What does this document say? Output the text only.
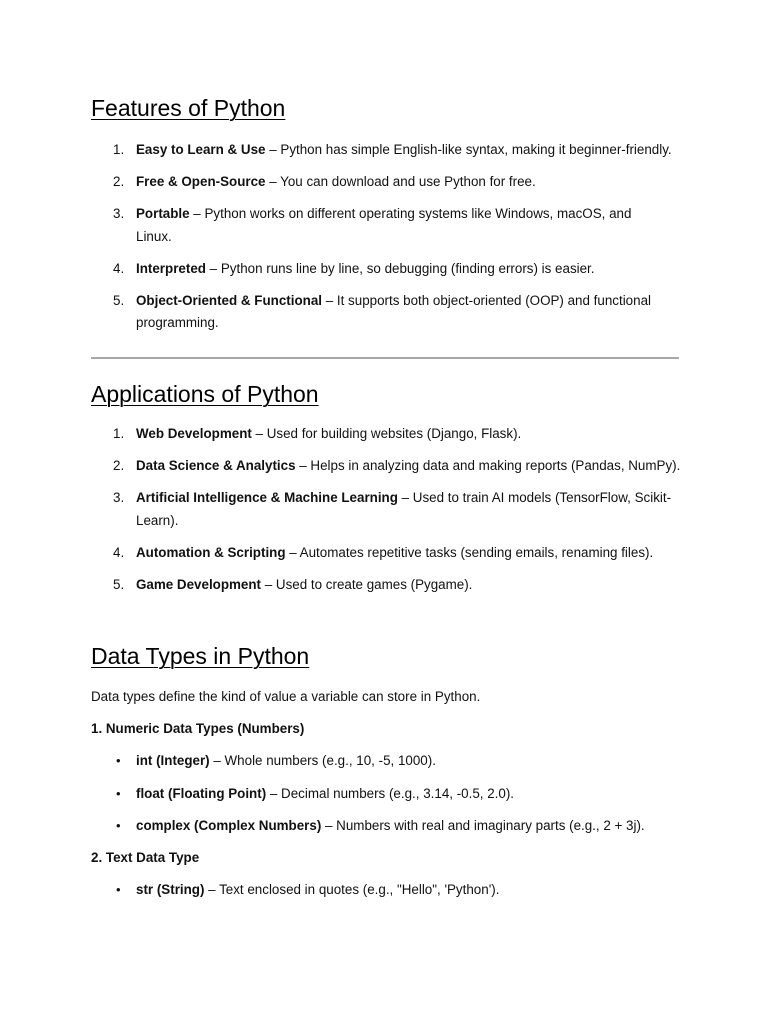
Features of Python
1. Easy to Learn & Use – Python has simple English-like syntax, making it beginner-friendly.
2. Free & Open-Source – You can download and use Python for free.
3. Portable – Python works on different operating systems like Windows, macOS, and Linux.
4. Interpreted – Python runs line by line, so debugging (finding errors) is easier.
5. Object-Oriented & Functional – It supports both object-oriented (OOP) and functional programming.
Applications of Python
1. Web Development – Used for building websites (Django, Flask).
2. Data Science & Analytics – Helps in analyzing data and making reports (Pandas, NumPy).
3. Artificial Intelligence & Machine Learning – Used to train AI models (TensorFlow, Scikit-Learn).
4. Automation & Scripting – Automates repetitive tasks (sending emails, renaming files).
5. Game Development – Used to create games (Pygame).
Data Types in Python

Data types define the kind of value a variable can store in Python.

1. Numeric Data Types (Numbers)

• int (Integer) – Whole numbers (e.g., 10, -5, 1000).
• float (Floating Point) – Decimal numbers (e.g., 3.14, -0.5, 2.0).
• complex (Complex Numbers) – Numbers with real and imaginary parts (e.g., 2 + 3j).

2. Text Data Type

• str (String) – Text enclosed in quotes (e.g., "Hello", 'Python').
